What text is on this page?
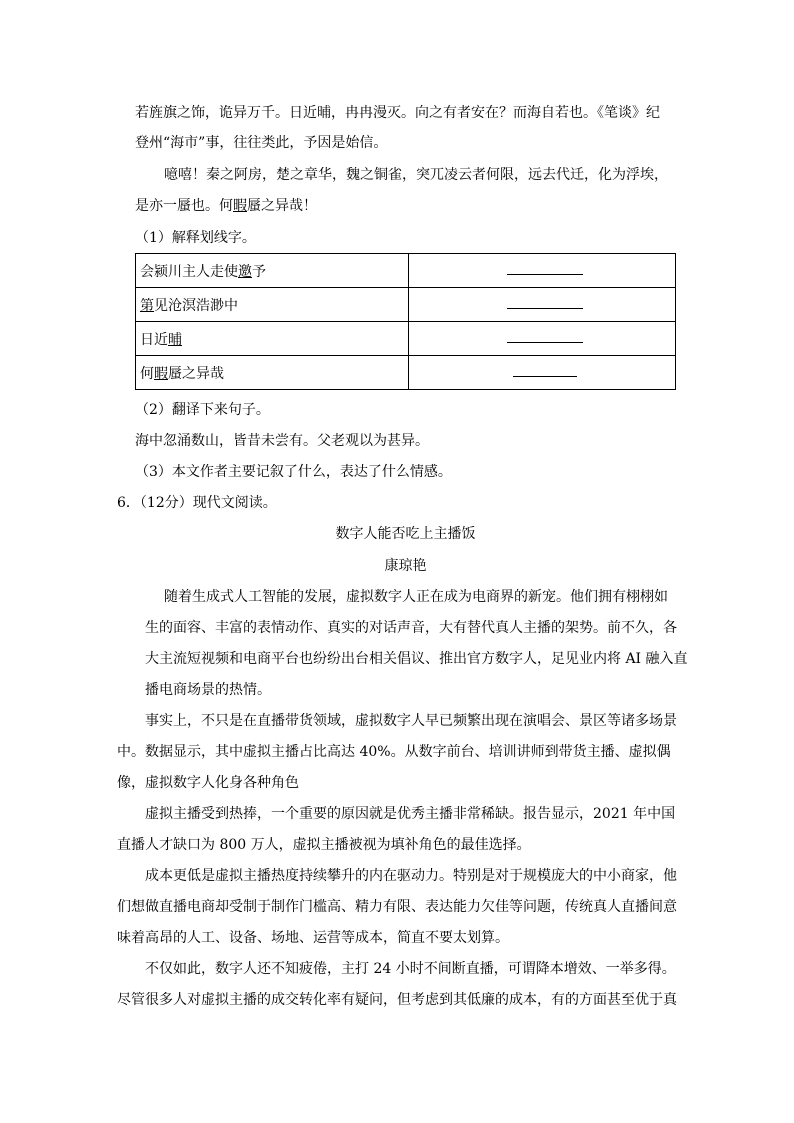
若旌旗之饰，诡异万千。日近晡，冉冉漫灭。向之有者安在？而海自若也。《笔谈》纪
登州“海市”事，往往类此，予因是始信。
噫嘻！秦之阿房，楚之章华，魏之铜雀，突兀凌云者何限，远去代迁，化为浮埃，
是亦一蜃也。何暇蜃之异哉！
（1）解释划线字。
会颍川主人走使邀予	
第见沧溟浩渺中	
日近晡	
何暇蜃之异哉	
（2）翻译下来句子。
海中忽涌数山，皆昔未尝有。父老观以为甚异。
（3）本文作者主要记叙了什么，表达了什么情感。
6．（12分）现代文阅读。
数字人能否吃上主播饭
康琼艳
随着生成式人工智能的发展，虚拟数字人正在成为电商界的新宠。他们拥有栩栩如
生的面容、丰富的表情动作、真实的对话声音，大有替代真人主播的架势。前不久，各
大主流短视频和电商平台也纷纷出台相关倡议、推出官方数字人，足见业内将 AI 融入直
播电商场景的热情。
事实上，不只是在直播带货领域，虚拟数字人早已频繁出现在演唱会、景区等诸多场景
中。数据显示，其中虚拟主播占比高达 40%。从数字前台、培训讲师到带货主播、虚拟偶
像，虚拟数字人化身各种角色
虚拟主播受到热捧，一个重要的原因就是优秀主播非常稀缺。报告显示，2021 年中国
直播人才缺口为 800 万人，虚拟主播被视为填补角色的最佳选择。
成本更低是虚拟主播热度持续攀升的内在驱动力。特别是对于规模庞大的中小商家，他
们想做直播电商却受制于制作门槛高、精力有限、表达能力欠佳等问题，传统真人直播间意
味着高昂的人工、设备、场地、运营等成本，简直不要太划算。
不仅如此，数字人还不知疲倦，主打 24 小时不间断直播，可谓降本增效、一举多得。
尽管很多人对虚拟主播的成交转化率有疑问，但考虑到其低廉的成本，有的方面甚至优于真
